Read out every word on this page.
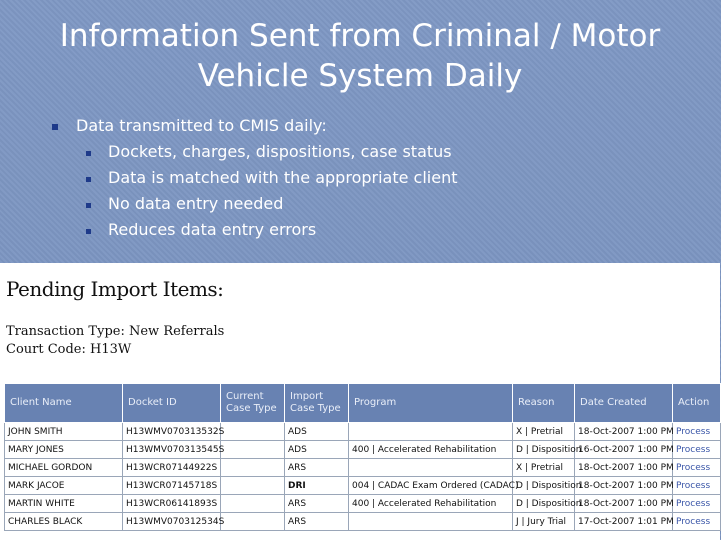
Information Sent from Criminal / Motor
Vehicle System Daily
Data transmitted to CMIS daily:
Dockets, charges, dispositions, case status
Data is matched with the appropriate client
No data entry needed
Reduces data entry errors
Pending Import Items:
Transaction Type: New Referrals
Court Code: H13W
Client Name	Docket ID	Current Case Type	Import Case Type	Program	Reason	Date Created	Action
JOHN SMITH	H13WMV070313532S		ADS		X | Pretrial	18-Oct-2007 1:00 PM	Process
MARY JONES	H13WMV070313545S		ADS	400 | Accelerated Rehabilitation	D | Disposition	16-Oct-2007 1:00 PM	Process
MICHAEL GORDON	H13WCR07144922S		ARS		X | Pretrial	18-Oct-2007 1:00 PM	Process
MARK JACOE	H13WCR07145718S		DRI	004 | CADAC Exam Ordered (CADAC)	D | Disposition	18-Oct-2007 1:00 PM	Process
MARTIN WHITE	H13WCR06141893S		ARS	400 | Accelerated Rehabilitation	D | Disposition	18-Oct-2007 1:00 PM	Process
CHARLES BLACK	H13WMV070312534S		ARS		J | Jury Trial	17-Oct-2007 1:01 PM	Process
